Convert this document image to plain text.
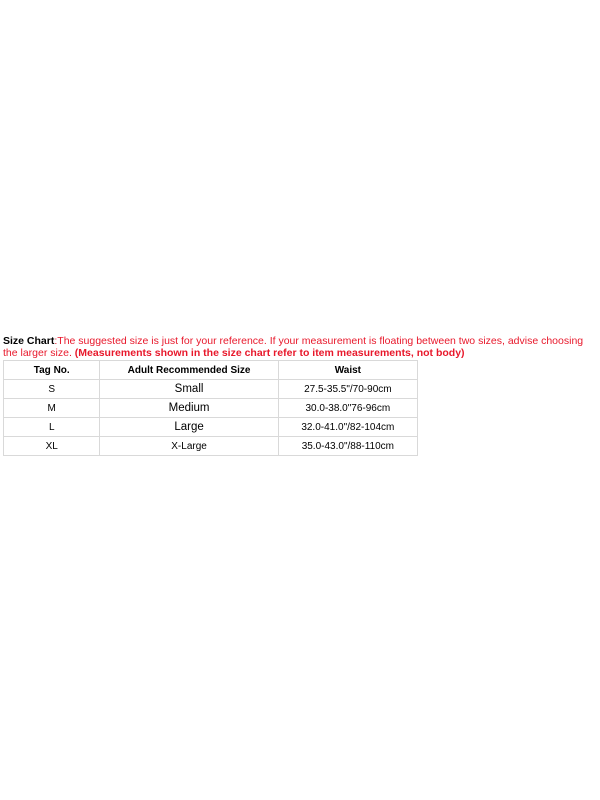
Size Chart:The suggested size is just for your reference. If your measurement is floating between two sizes, advise choosing the larger size. (Measurements shown in the size chart refer to item measurements, not body)

Tag No.	Adult Recommended Size	Waist
S	Small	27.5-35.5"/70-90cm
M	Medium	30.0-38.0"76-96cm
L	Large	32.0-41.0"/82-104cm
XL	X-Large	35.0-43.0"/88-110cm
